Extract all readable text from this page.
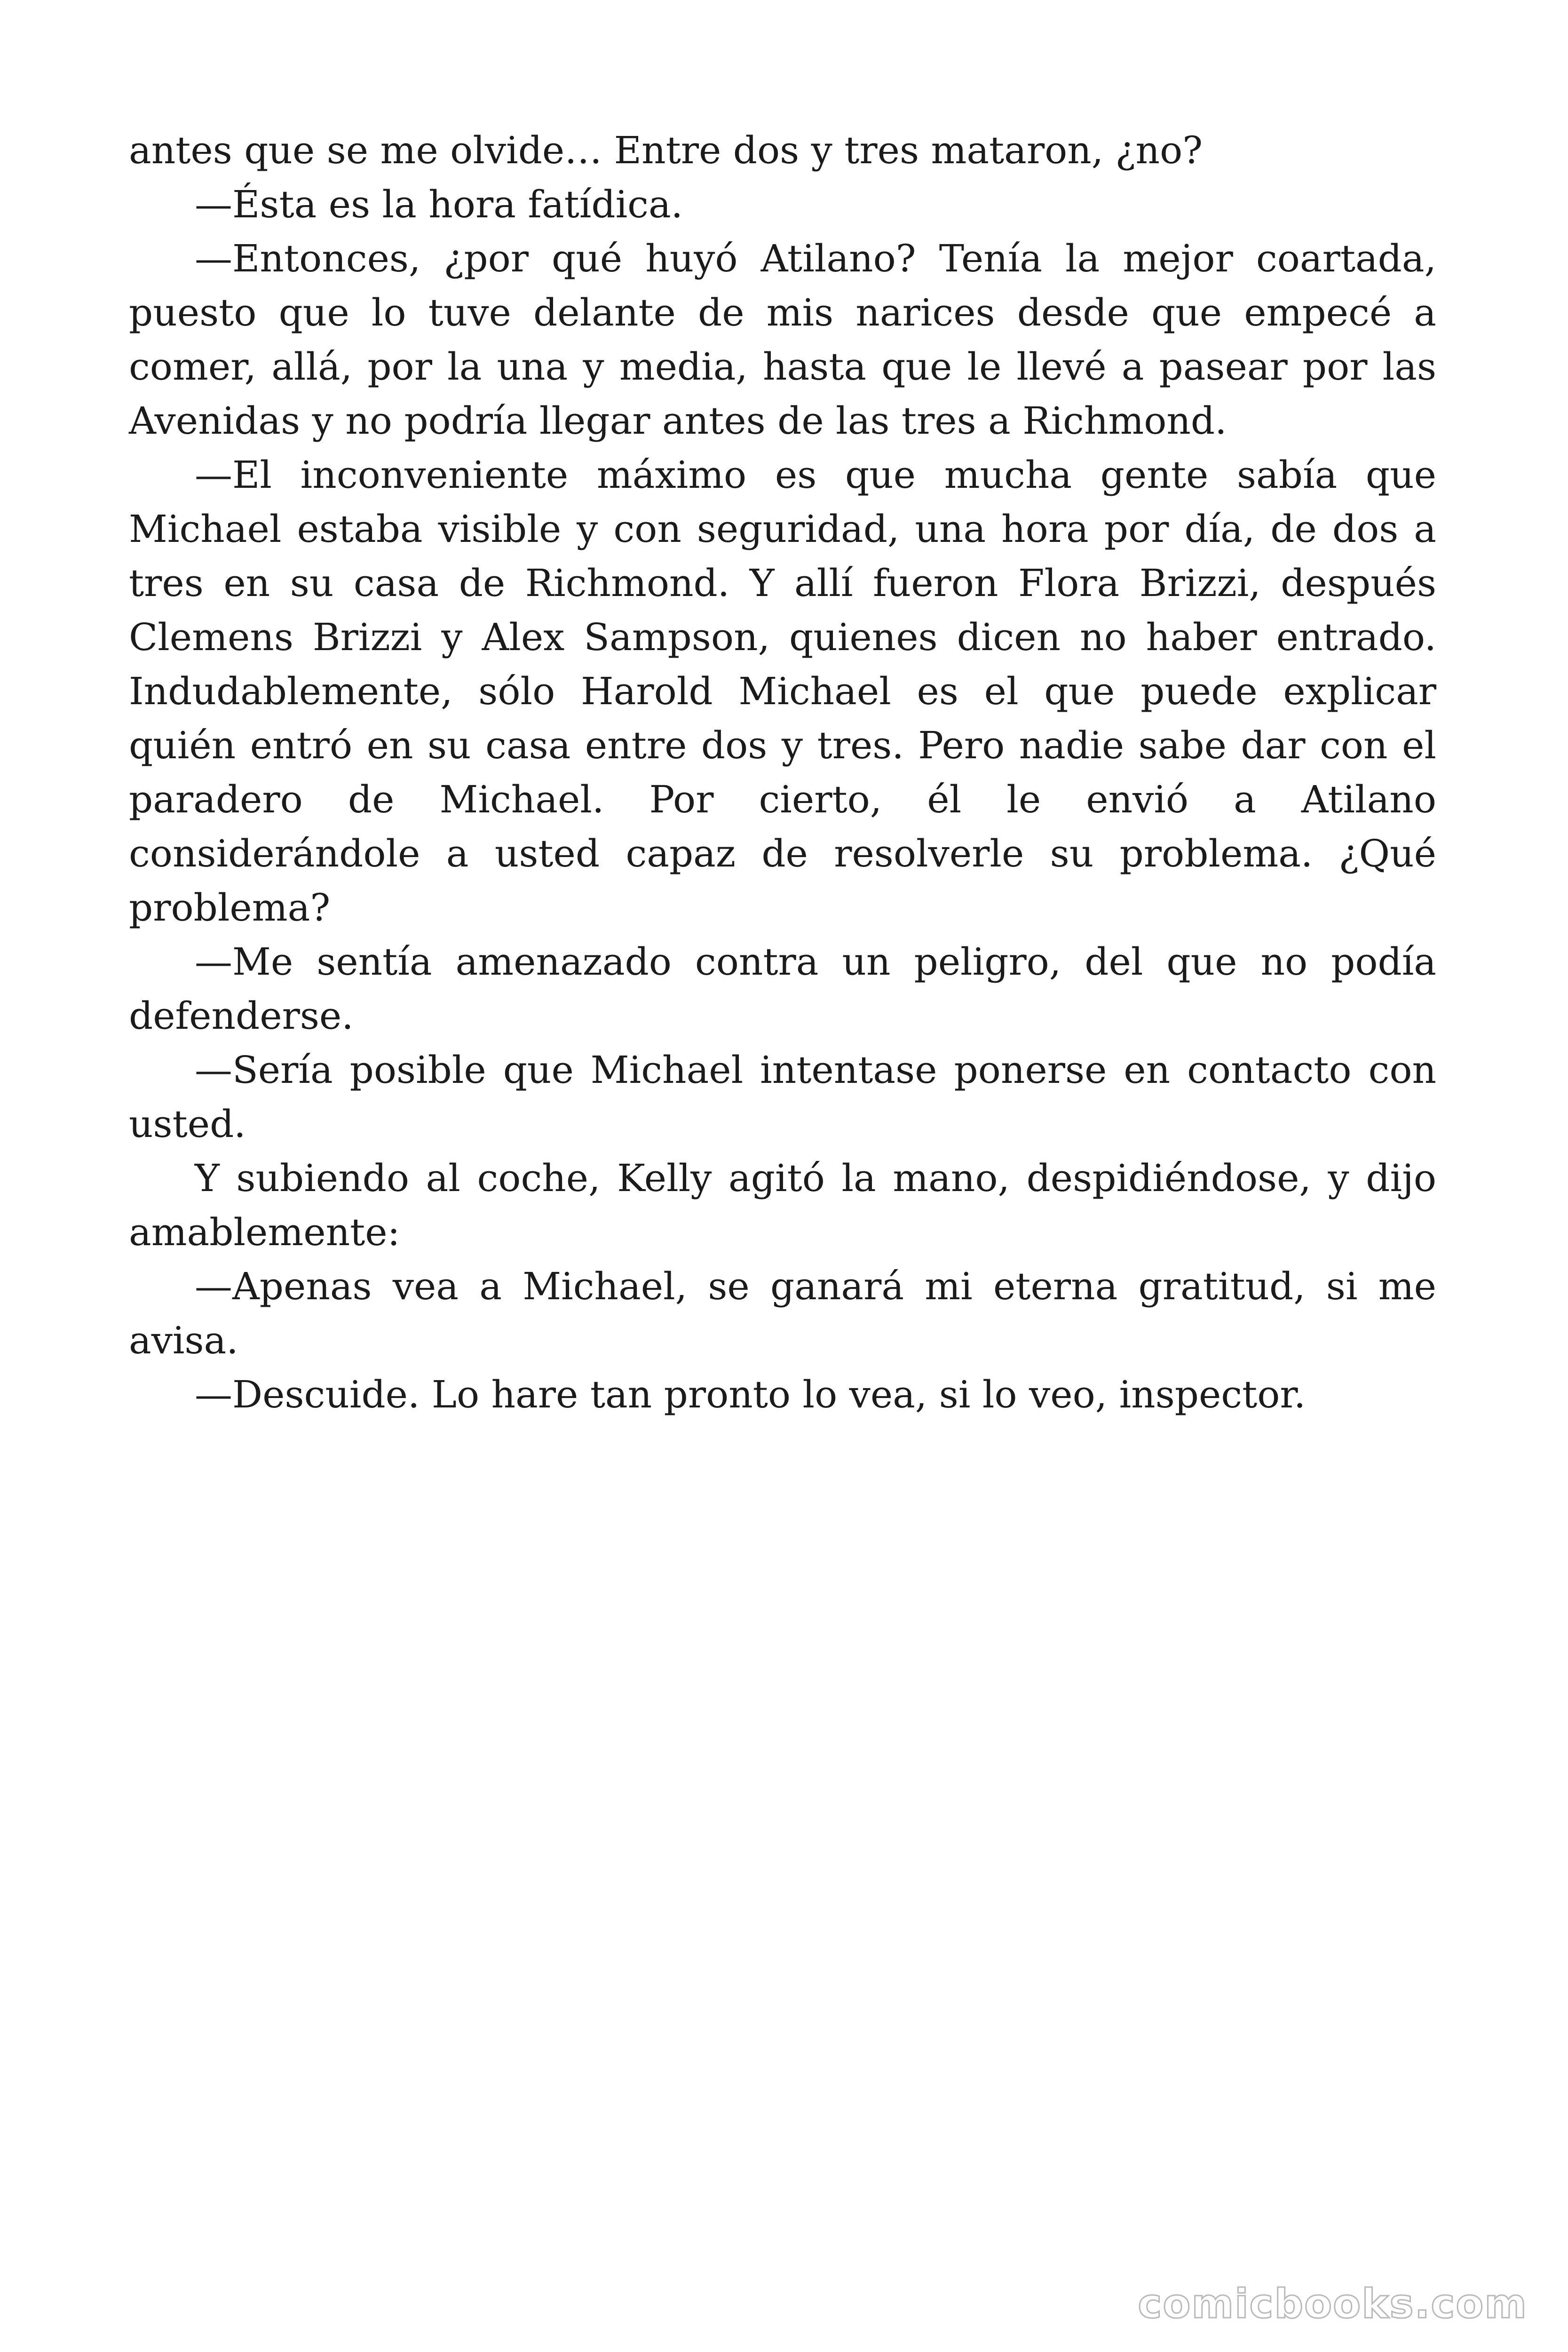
antes que se me olvide… Entre dos y tres mataron, ¿no?

—Ésta es la hora fatídica.

—Entonces, ¿por qué huyó Atilano? Tenía la mejor coartada, puesto que lo tuve delante de mis narices desde que empecé a comer, allá, por la una y media, hasta que le llevé a pasear por las Avenidas y no podría llegar antes de las tres a Richmond.

—El inconveniente máximo es que mucha gente sabía que Michael estaba visible y con seguridad, una hora por día, de dos a tres en su casa de Richmond. Y allí fueron Flora Brizzi, después Clemens Brizzi y Alex Sampson, quienes dicen no haber entrado. Indudablemente, sólo Harold Michael es el que puede explicar quién entró en su casa entre dos y tres. Pero nadie sabe dar con el paradero de Michael. Por cierto, él le envió a Atilano considerándole a usted capaz de resolverle su problema. ¿Qué problema?

—Me sentía amenazado contra un peligro, del que no podía defenderse.

—Sería posible que Michael intentase ponerse en contacto con usted.

Y subiendo al coche, Kelly agitó la mano, despidiéndose, y dijo amablemente:

—Apenas vea a Michael, se ganará mi eterna gratitud, si me avisa.

—Descuide. Lo hare tan pronto lo vea, si lo veo, inspector.

comicbooks.com
